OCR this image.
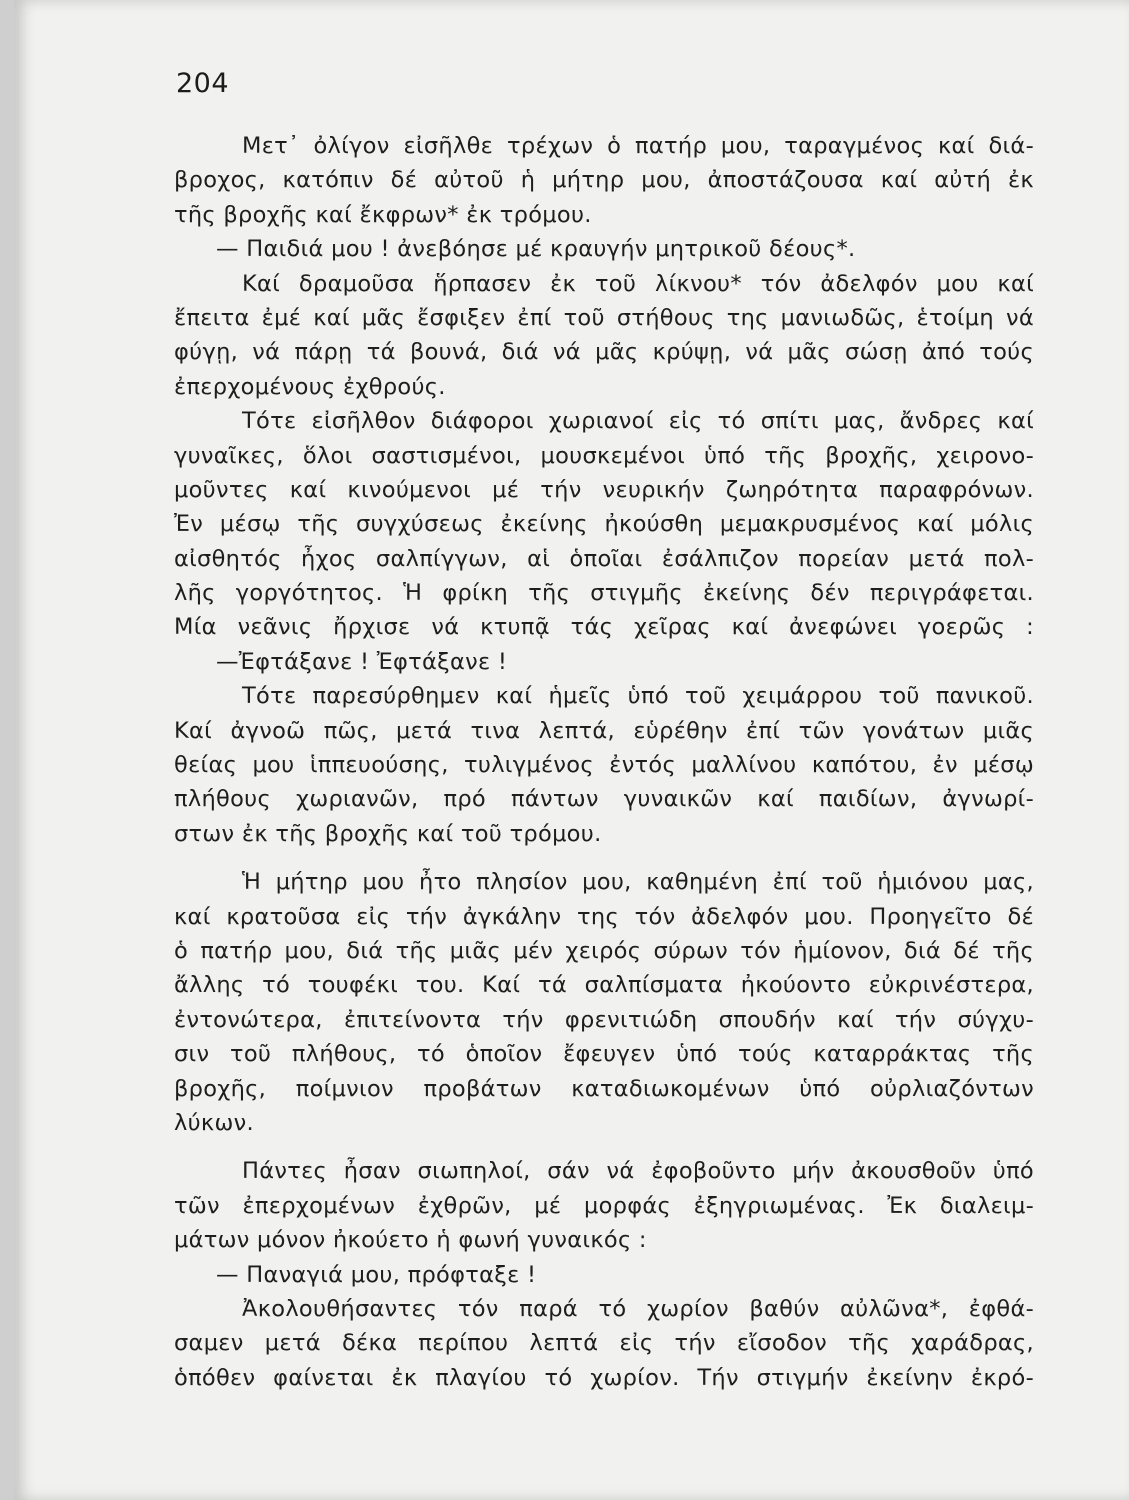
204
Μετ᾽ ὀλίγον εἰσῆλθε τρέχων ὁ πατήρ μου, ταραγμένος καί διά-
βροχος, κατόπιν δέ αὐτοῦ ἡ μήτηρ μου, ἀποστάζουσα καί αὐτή ἐκ
τῆς βροχῆς καί ἔκφρων* ἐκ τρόμου.
— Παιδιά μου ! ἀνεβόησε μέ κραυγήν μητρικοῦ δέους*.
Καί δραμοῦσα ἥρπασεν ἐκ τοῦ λίκνου* τόν ἀδελφόν μου καί
ἔπειτα ἐμέ καί μᾶς ἔσφιξεν ἐπί τοῦ στήθους της μανιωδῶς, ἑτοίμη νά
φύγῃ, νά πάρῃ τά βουνά, διά νά μᾶς κρύψῃ, νά μᾶς σώσῃ ἀπό τούς
ἐπερχομένους ἐχθρούς.
Τότε εἰσῆλθον διάφοροι χωριανοί εἰς τό σπίτι μας, ἄνδρες καί
γυναῖκες, ὅλοι σαστισμένοι, μουσκεμένοι ὑπό τῆς βροχῆς, χειρονο-
μοῦντες καί κινούμενοι μέ τήν νευρικήν ζωηρότητα παραφρόνων.
Ἐν μέσῳ τῆς συγχύσεως ἐκείνης ἠκούσθη μεμακρυσμένος καί μόλις
αἰσθητός ἦχος σαλπίγγων, αἱ ὁποῖαι ἐσάλπιζον πορείαν μετά πολ-
λῆς γοργότητος. Ἡ φρίκη τῆς στιγμῆς ἐκείνης δέν περιγράφεται.
Μία νεᾶνις ἤρχισε νά κτυπᾷ τάς χεῖρας καί ἀνεφώνει γοερῶς :
—Ἐφτάξανε ! Ἐφτάξανε !
Τότε παρεσύρθημεν καί ἡμεῖς ὑπό τοῦ χειμάρρου τοῦ πανικοῦ.
Καί ἀγνοῶ πῶς, μετά τινα λεπτά, εὑρέθην ἐπί τῶν γονάτων μιᾶς
θείας μου ἱππευούσης, τυλιγμένος ἐντός μαλλίνου καπότου, ἐν μέσῳ
πλήθους χωριανῶν, πρό πάντων γυναικῶν καί παιδίων, ἀγνωρί-
στων ἐκ τῆς βροχῆς καί τοῦ τρόμου.
Ἡ μήτηρ μου ἦτο πλησίον μου, καθημένη ἐπί τοῦ ἡμιόνου μας,
καί κρατοῦσα εἰς τήν ἀγκάλην της τόν ἀδελφόν μου. Προηγεῖτο δέ
ὁ πατήρ μου, διά τῆς μιᾶς μέν χειρός σύρων τόν ἡμίονον, διά δέ τῆς
ἄλλης τό τουφέκι του. Καί τά σαλπίσματα ἠκούοντο εὐκρινέστερα,
ἐντονώτερα, ἐπιτείνοντα τήν φρενιτιώδη σπουδήν καί τήν σύγχυ-
σιν τοῦ πλήθους, τό ὁποῖον ἔφευγεν ὑπό τούς καταρράκτας τῆς
βροχῆς, ποίμνιον προβάτων καταδιωκομένων ὑπό οὐρλιαζόντων
λύκων.
Πάντες ἦσαν σιωπηλοί, σάν νά ἐφοβοῦντο μήν ἀκουσθοῦν ὑπό
τῶν ἐπερχομένων ἐχθρῶν, μέ μορφάς ἐξηγριωμένας. Ἐκ διαλειμ-
μάτων μόνον ἠκούετο ἡ φωνή γυναικός :
— Παναγιά μου, πρόφταξε !
Ἀκολουθήσαντες τόν παρά τό χωρίον βαθύν αὐλῶνα*, ἐφθά-
σαμεν μετά δέκα περίπου λεπτά εἰς τήν εἴσοδον τῆς χαράδρας,
ὁπόθεν φαίνεται ἐκ πλαγίου τό χωρίον. Τήν στιγμήν ἐκείνην ἐκρό-
